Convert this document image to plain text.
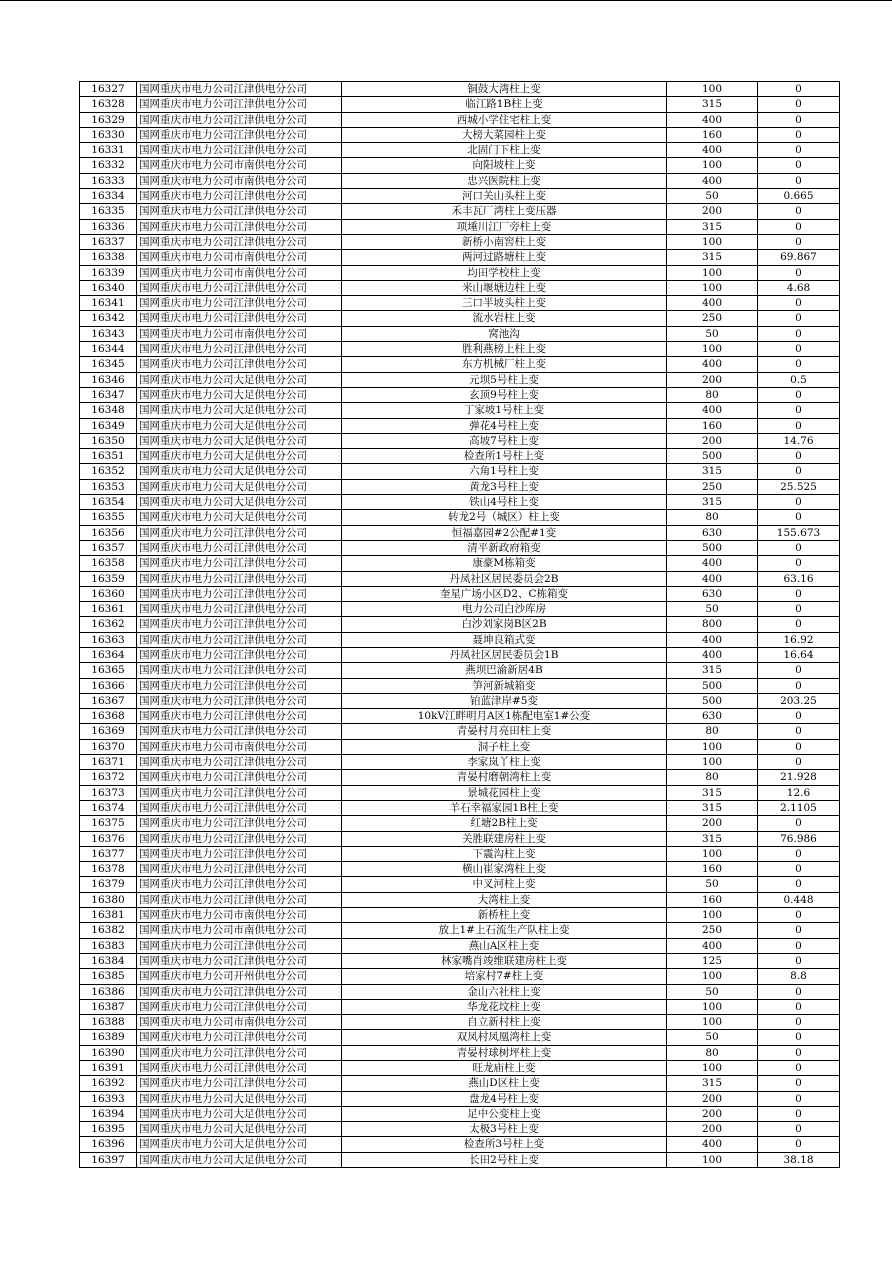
16327	国网重庆市电力公司江津供电分公司	铜鼓大湾柱上变	100	0
16328	国网重庆市电力公司江津供电分公司	临江路1B柱上变	315	0
16329	国网重庆市电力公司江津供电分公司	西城小学住宅柱上变	400	0
16330	国网重庆市电力公司江津供电分公司	大榜大菜园柱上变	160	0
16331	国网重庆市电力公司江津供电分公司	北固门下柱上变	400	0
16332	国网重庆市电力公司市南供电分公司	向阳坡柱上变	100	0
16333	国网重庆市电力公司市南供电分公司	忠兴医院柱上变	400	0
16334	国网重庆市电力公司江津供电分公司	河口关山头柱上变	50	0.665
16335	国网重庆市电力公司江津供电分公司	禾丰瓦厂湾柱上变压器	200	0
16336	国网重庆市电力公司江津供电分公司	项埵川江厂旁柱上变	315	0
16337	国网重庆市电力公司江津供电分公司	新桥小南窖柱上变	100	0
16338	国网重庆市电力公司市南供电分公司	两河过路塘柱上变	315	69.867
16339	国网重庆市电力公司市南供电分公司	均田学校柱上变	100	0
16340	国网重庆市电力公司江津供电分公司	米山堰塘边柱上变	100	4.68
16341	国网重庆市电力公司江津供电分公司	三口半坡头柱上变	400	0
16342	国网重庆市电力公司江津供电分公司	流水岩柱上变	250	0
16343	国网重庆市电力公司市南供电分公司	窝池沟	50	0
16344	国网重庆市电力公司江津供电分公司	胜利燕榜上柱上变	100	0
16345	国网重庆市电力公司江津供电分公司	东方机械厂柱上变	400	0
16346	国网重庆市电力公司大足供电分公司	元坝5号柱上变	200	0.5
16347	国网重庆市电力公司大足供电分公司	玄顶9号柱上变	80	0
16348	国网重庆市电力公司大足供电分公司	丁家坡1号柱上变	400	0
16349	国网重庆市电力公司大足供电分公司	弹花4号柱上变	160	0
16350	国网重庆市电力公司大足供电分公司	高坡7号柱上变	200	14.76
16351	国网重庆市电力公司大足供电分公司	检查所1号柱上变	500	0
16352	国网重庆市电力公司大足供电分公司	六角1号柱上变	315	0
16353	国网重庆市电力公司大足供电分公司	黄龙3号柱上变	250	25.525
16354	国网重庆市电力公司大足供电分公司	铁山4号柱上变	315	0
16355	国网重庆市电力公司大足供电分公司	转龙2号（城区）柱上变	80	0
16356	国网重庆市电力公司江津供电分公司	恒福嘉园#2公配#1变	630	155.673
16357	国网重庆市电力公司江津供电分公司	清平新政府箱变	500	0
16358	国网重庆市电力公司江津供电分公司	康豪M栋箱变	400	0
16359	国网重庆市电力公司江津供电分公司	丹凤社区居民委员会2B	400	63.16
16360	国网重庆市电力公司江津供电分公司	奎星广场小区D2、C栋箱变	630	0
16361	国网重庆市电力公司江津供电分公司	电力公司白沙库房	50	0
16362	国网重庆市电力公司江津供电分公司	白沙刘家岗B区2B	800	0
16363	国网重庆市电力公司江津供电分公司	聂坤良箱式变	400	16.92
16364	国网重庆市电力公司江津供电分公司	丹凤社区居民委员会1B	400	16.64
16365	国网重庆市电力公司江津供电分公司	燕坝巴渝新居4B	315	0
16366	国网重庆市电力公司江津供电分公司	笋河新城箱变	500	0
16367	国网重庆市电力公司江津供电分公司	铂蓝津岸#5变	500	203.25
16368	国网重庆市电力公司江津供电分公司	10kV江畔明月A区1栋配电室1#公变	630	0
16369	国网重庆市电力公司江津供电分公司	青晏村月亮田柱上变	80	0
16370	国网重庆市电力公司市南供电分公司	洞子柱上变	100	0
16371	国网重庆市电力公司江津供电分公司	李家岚丫柱上变	100	0
16372	国网重庆市电力公司江津供电分公司	青晏村磨朝湾柱上变	80	21.928
16373	国网重庆市电力公司江津供电分公司	景城花园柱上变	315	12.6
16374	国网重庆市电力公司江津供电分公司	羊石幸福家园1B柱上变	315	2.1105
16375	国网重庆市电力公司江津供电分公司	红塘2B柱上变	200	0
16376	国网重庆市电力公司江津供电分公司	关胜联建房柱上变	315	76.986
16377	国网重庆市电力公司江津供电分公司	下震沟柱上变	100	0
16378	国网重庆市电力公司江津供电分公司	横山崔家湾柱上变	160	0
16379	国网重庆市电力公司江津供电分公司	中叉河柱上变	50	0
16380	国网重庆市电力公司江津供电分公司	大湾柱上变	160	0.448
16381	国网重庆市电力公司市南供电分公司	新桥柱上变	100	0
16382	国网重庆市电力公司市南供电分公司	放上1#上石流生产队柱上变	250	0
16383	国网重庆市电力公司江津供电分公司	燕山A区柱上变	400	0
16384	国网重庆市电力公司江津供电分公司	林家嘴肖竣维联建房柱上变	125	0
16385	国网重庆市电力公司开州供电分公司	培家村7#柱上变	100	8.8
16386	国网重庆市电力公司江津供电分公司	金山六社柱上变	50	0
16387	国网重庆市电力公司江津供电分公司	华龙花坟柱上变	100	0
16388	国网重庆市电力公司市南供电分公司	自立新村柱上变	100	0
16389	国网重庆市电力公司江津供电分公司	双凤村凤凰湾柱上变	50	0
16390	国网重庆市电力公司江津供电分公司	青晏村球树坪柱上变	80	0
16391	国网重庆市电力公司江津供电分公司	旺龙庙柱上变	100	0
16392	国网重庆市电力公司江津供电分公司	燕山D区柱上变	315	0
16393	国网重庆市电力公司大足供电分公司	盘龙4号柱上变	200	0
16394	国网重庆市电力公司大足供电分公司	足中公变柱上变	200	0
16395	国网重庆市电力公司大足供电分公司	太极3号柱上变	200	0
16396	国网重庆市电力公司大足供电分公司	检查所3号柱上变	400	0
16397	国网重庆市电力公司大足供电分公司	长田2号柱上变	100	38.18
